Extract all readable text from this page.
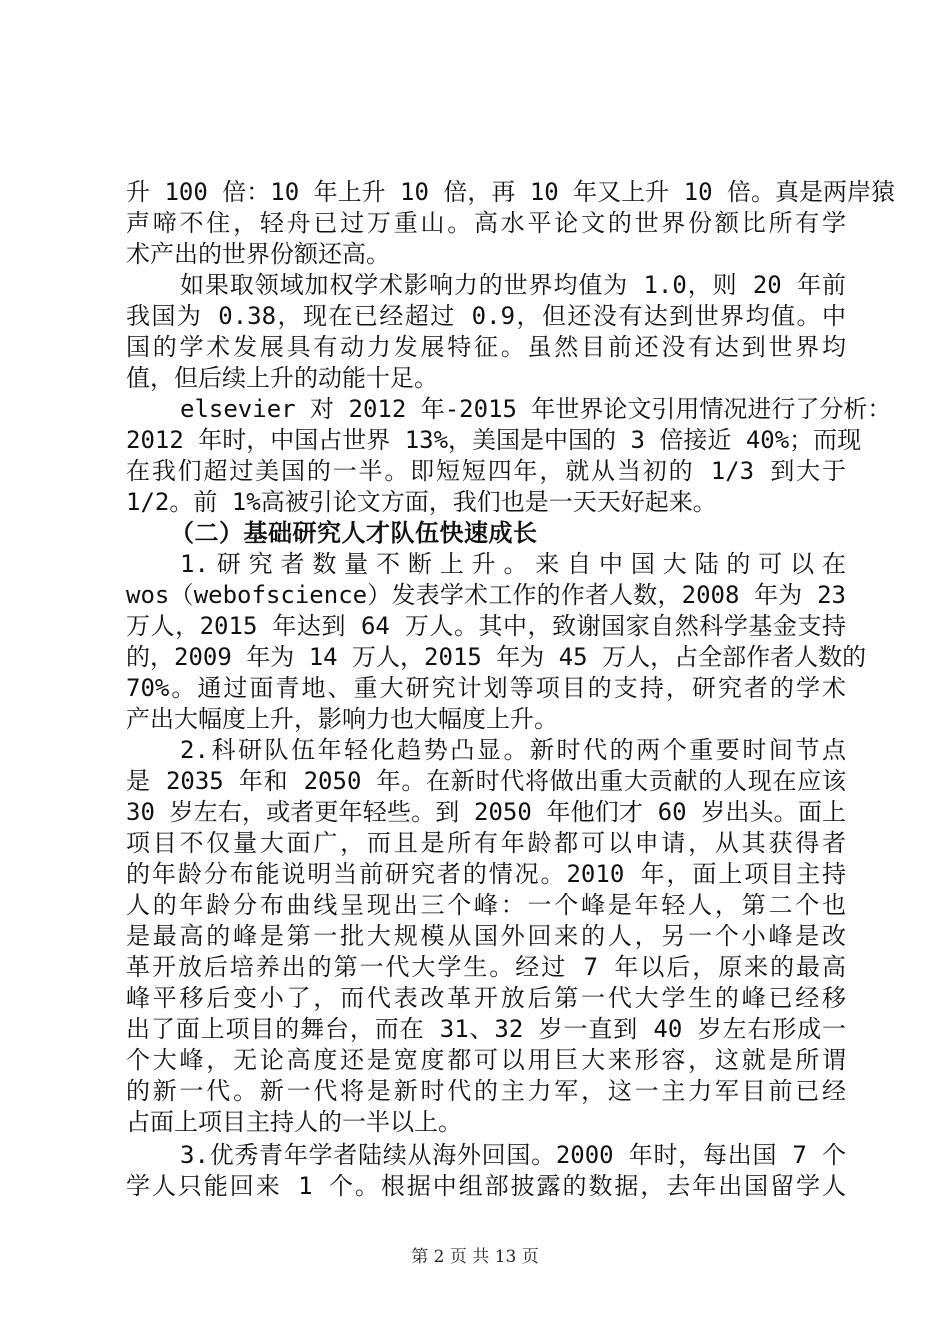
升 100 倍：10 年上升 10 倍，再 10 年又上升 10 倍。真是两岸猿
声啼不住，轻舟已过万重山。高水平论文的世界份额比所有学
术产出的世界份额还高。
如果取领域加权学术影响力的世界均值为 1.0，则 20 年前
我国为 0.38，现在已经超过 0.9，但还没有达到世界均值。中
国的学术发展具有动力发展特征。虽然目前还没有达到世界均
值，但后续上升的动能十足。
elsevier 对 2012 年-2015 年世界论文引用情况进行了分析：
2012 年时，中国占世界 13%，美国是中国的 3 倍接近 40%；而现
在我们超过美国的一半。即短短四年，就从当初的 1/3 到大于
1/2。前 1%高被引论文方面，我们也是一天天好起来。
（二）基础研究人才队伍快速成长
1.研究者数量不断上升。来自中国大陆的可以在
wos（webofscience）发表学术工作的作者人数，2008 年为 23
万人，2015 年达到 64 万人。其中，致谢国家自然科学基金支持
的，2009 年为 14 万人，2015 年为 45 万人，占全部作者人数的
70%。通过面青地、重大研究计划等项目的支持，研究者的学术
产出大幅度上升，影响力也大幅度上升。
2.科研队伍年轻化趋势凸显。新时代的两个重要时间节点
是 2035 年和 2050 年。在新时代将做出重大贡献的人现在应该
30 岁左右，或者更年轻些。到 2050 年他们才 60 岁出头。面上
项目不仅量大面广，而且是所有年龄都可以申请，从其获得者
的年龄分布能说明当前研究者的情况。2010 年，面上项目主持
人的年龄分布曲线呈现出三个峰：一个峰是年轻人，第二个也
是最高的峰是第一批大规模从国外回来的人，另一个小峰是改
革开放后培养出的第一代大学生。经过 7 年以后，原来的最高
峰平移后变小了，而代表改革开放后第一代大学生的峰已经移
出了面上项目的舞台，而在 31、32 岁一直到 40 岁左右形成一
个大峰，无论高度还是宽度都可以用巨大来形容，这就是所谓
的新一代。新一代将是新时代的主力军，这一主力军目前已经
占面上项目主持人的一半以上。
第 2 页 共 13 页
3.优秀青年学者陆续从海外回国。2000 年时，每出国 7 个
学人只能回来 1 个。根据中组部披露的数据，去年出国留学人
